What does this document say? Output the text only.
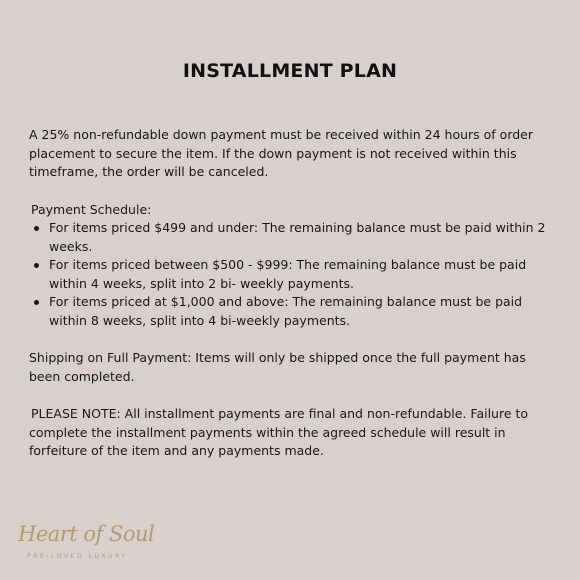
INSTALLMENT PLAN

A 25% non-refundable down payment must be received within 24 hours of order placement to secure the item. If the down payment is not received within this timeframe, the order will be canceled.

Payment Schedule:

For items priced $499 and under: The remaining balance must be paid within 2 weeks.
For items priced between $500 - $999: The remaining balance must be paid within 4 weeks, split into 2 bi- weekly payments.
For items priced at $1,000 and above: The remaining balance must be paid within 8 weeks, split into 4 bi-weekly payments.

Shipping on Full Payment: Items will only be shipped once the full payment has been completed.

PLEASE NOTE: All installment payments are final and non-refundable. Failure to complete the installment payments within the agreed schedule will result in forfeiture of the item and any payments made.

Heart of Soul
PRE-LOVED LUXURY
